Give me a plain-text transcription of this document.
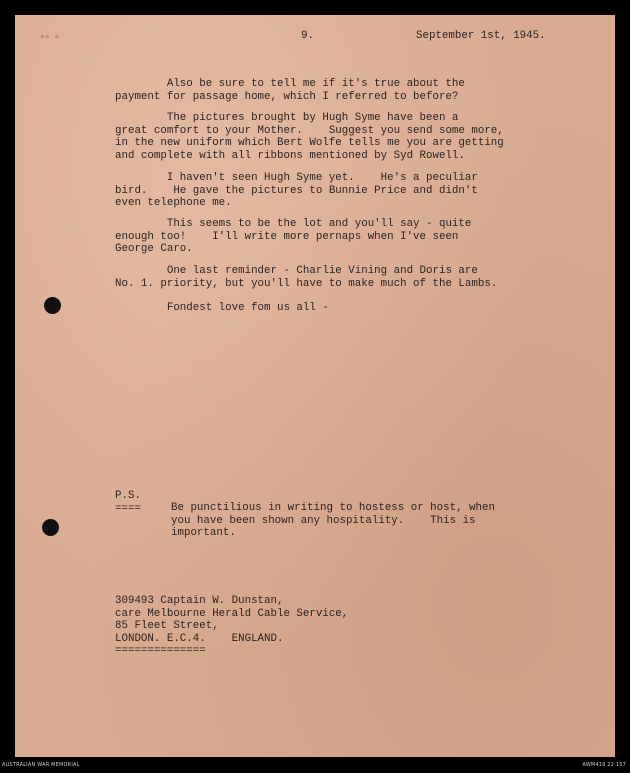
ᵒᵒ ᵒ	9.	September 1st, 1945.
Also be sure to tell me if it's true about the
payment for passage home, which I referred to before?
The pictures brought by Hugh Syme have been a
great comfort to your Mother.    Suggest you send some more,
in the new uniform which Bert Wolfe tells me you are getting
and complete with all ribbons mentioned by Syd Rowell.
I haven't seen Hugh Syme yet.    He's a peculiar
bird.    He gave the pictures to Bunnie Price and didn't
even telephone me.
This seems to be the lot and you'll say - quite
enough too!    I'll write more pernaps when I've seen
George Caro.
One last reminder - Charlie Vining and Doris are
No. 1. priority, but you'll have to make much of the Lambs.
Fondest love fom us all -
P.S.
====	Be punctilious in writing to hostess or host, when
you have been shown any hospitality.    This is
important.
309493 Captain W. Dunstan,
care Melbourne Herald Cable Service,
85 Fleet Street,
LONDON. E.C.4.    ENGLAND.
==============
AUSTRALIAN WAR MEMORIAL	AWM419 22 157
